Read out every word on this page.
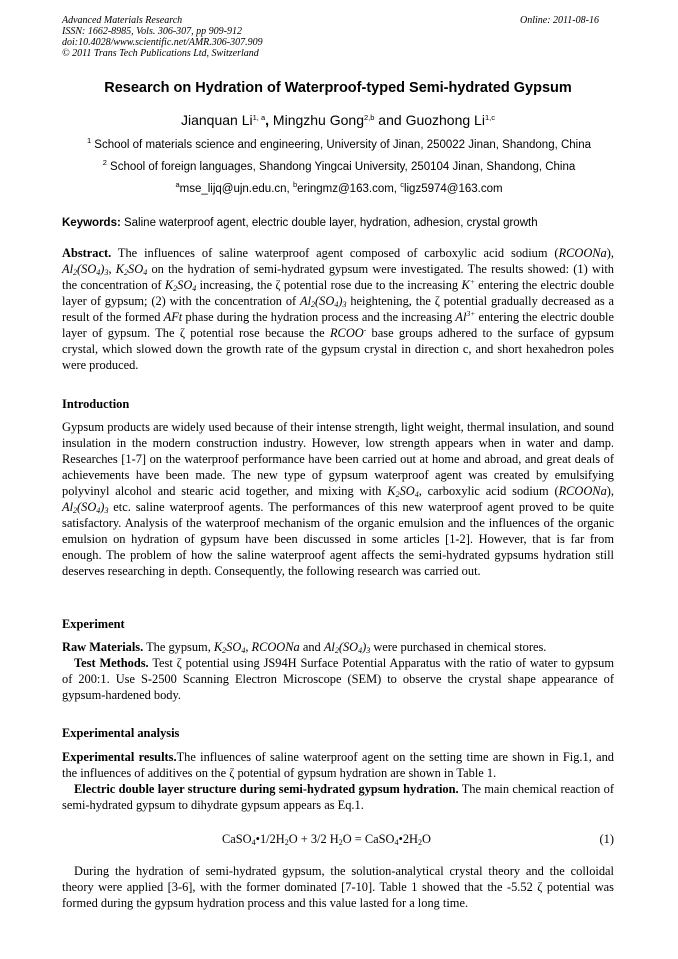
Advanced Materials Research
ISSN: 1662-8985, Vols. 306-307, pp 909-912
doi:10.4028/www.scientific.net/AMR.306-307.909
© 2011 Trans Tech Publications Ltd, Switzerland
Online: 2011-08-16
Research on Hydration of Waterproof-typed Semi-hydrated Gypsum
Jianquan Li$^{1, a}$, Mingzhu Gong$^{2,b}$ and Guozhong Li$^{1,c}$
$^1$ School of materials science and engineering, University of Jinan, 250022 Jinan, Shandong, China
$^2$ School of foreign languages, Shandong Yingcai University, 250104 Jinan, Shandong, China
$^a$mse_lijq@ujn.edu.cn, $^b$eringmz@163.com, $^c$ligz5974@163.com
Keywords: Saline waterproof agent, electric double layer, hydration, adhesion, crystal growth
Abstract. The influences of saline waterproof agent composed of carboxylic acid sodium (RCOONa), $Al_2(SO_4)_3$, $K_2SO_4$ on the hydration of semi-hydrated gypsum were investigated. The results showed: (1) with the concentration of $K_2SO_4$ increasing, the ζ potential rose due to the increasing K+ entering the electric double layer of gypsum; (2) with the concentration of $Al_2(SO_4)_3$ heightening, the ζ potential gradually decreased as a result of the formed AFt phase during the hydration process and the increasing $Al^{3+}$ entering the electric double layer of gypsum. The ζ potential rose because the RCOO- base groups adhered to the surface of gypsum crystal, which slowed down the growth rate of the gypsum crystal in direction c, and short hexahedron poles were produced.
Introduction
Gypsum products are widely used because of their intense strength, light weight, thermal insulation, and sound insulation in the modern construction industry. However, low strength appears when in water and damp. Researches [1-7] on the waterproof performance have been carried out at home and abroad, and great deals of achievements have been made. The new type of gypsum waterproof agent was created by emulsifying polyvinyl alcohol and stearic acid together, and mixing with $K_2SO_4$, carboxylic acid sodium (RCOONa), $Al_2(SO_4)_3$ etc. saline waterproof agents. The performances of this new waterproof agent proved to be quite satisfactory. Analysis of the waterproof mechanism of the organic emulsion and the influences of the organic emulsion on hydration of gypsum have been discussed in some articles [1-2]. However, that is far from enough. The problem of how the saline waterproof agent affects the semi-hydrated gypsums hydration still deserves researching in depth. Consequently, the following research was carried out.
Experiment
Raw Materials. The gypsum, $K_2SO_4$, RCOONa and $Al_2(SO_4)_3$ were purchased in chemical stores.
Test Methods. Test ζ potential using JS94H Surface Potential Apparatus with the ratio of water to gypsum of 200:1. Use S-2500 Scanning Electron Microscope (SEM) to observe the crystal shape appearance of gypsum-hardened body.
Experimental analysis
Experimental results.The influences of saline waterproof agent on the setting time are shown in Fig.1, and the influences of additives on the ζ potential of gypsum hydration are shown in Table 1.
Electric double layer structure during semi-hydrated gypsum hydration. The main chemical reaction of semi-hydrated gypsum to dihydrate gypsum appears as Eq.1.
$CaSO_4•1/2H_2O + 3/2$ $H_2O$ = $CaSO_4•2H_2O$	(1)
During the hydration of semi-hydrated gypsum, the solution-analytical crystal theory and the colloidal theory were applied [3-6], with the former dominated [7-10]. Table 1 showed that the -5.52 ζ potential was formed during the gypsum hydration process and this value lasted for a long time.
